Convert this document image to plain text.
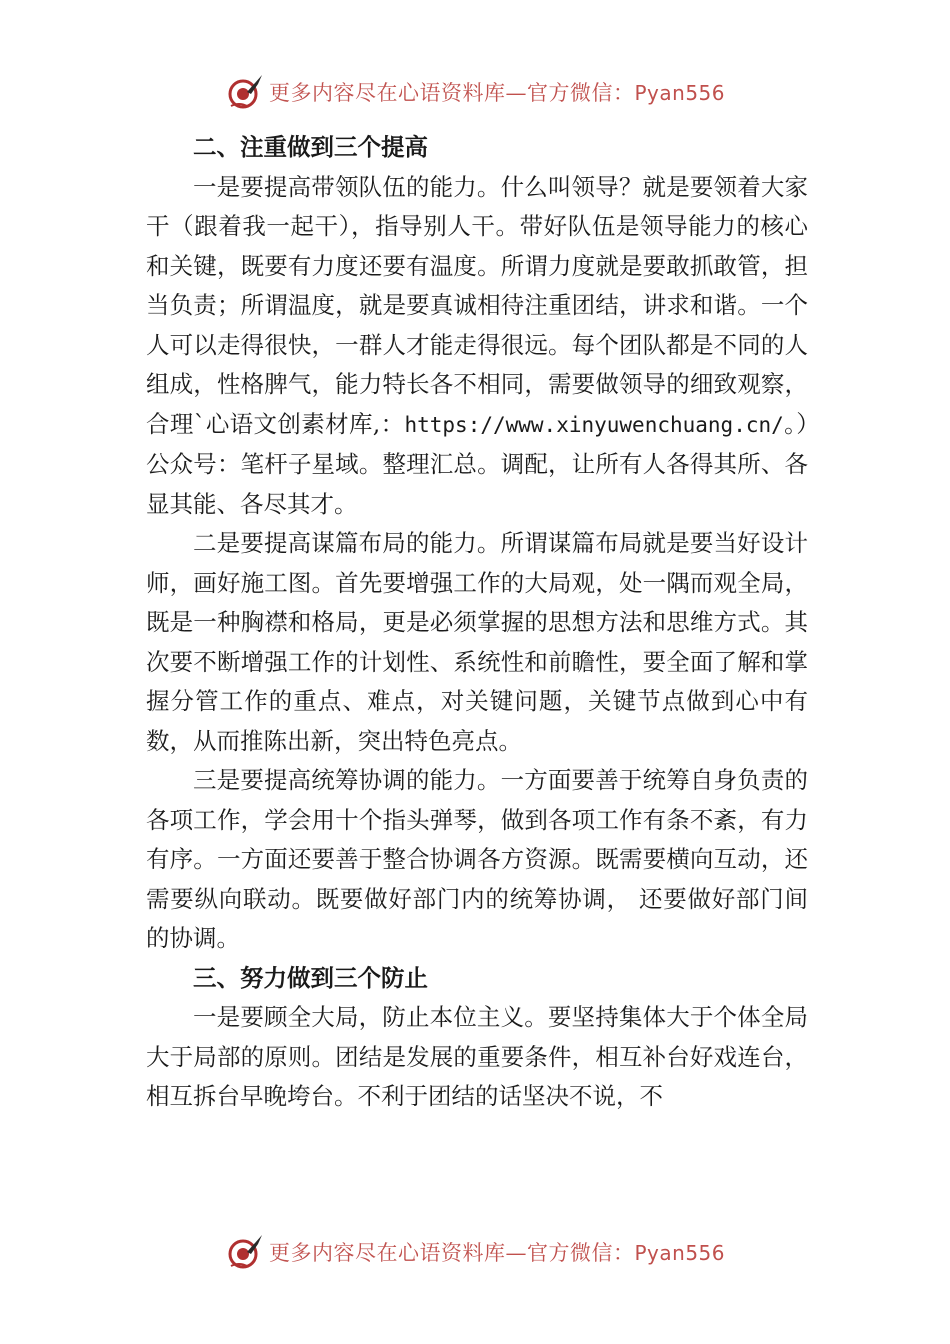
更多内容尽在心语资料库—官方微信：Pyan556
二、注重做到三个提高

一是要提高带领队伍的能力。什么叫领导？就是要领着大家干（跟着我一起干），指导别人干。带好队伍是领导能力的核心和关键，既要有力度还要有温度。所谓力度就是要敢抓敢管，担当负责；所谓温度，就是要真诚相待注重团结，讲求和谐。一个人可以走得很快，一群人才能走得很远。每个团队都是不同的人组成，性格脾气，能力特长各不相同，需要做领导的细致观察，合理`心语文创素材库,：https://www.xinyuwenchuang.cn/。）公众号：笔杆子星域。整理汇总。调配，让所有人各得其所、各显其能、各尽其才。

二是要提高谋篇布局的能力。所谓谋篇布局就是要当好设计师，画好施工图。首先要增强工作的大局观，处一隅而观全局，既是一种胸襟和格局，更是必须掌握的思想方法和思维方式。其次要不断增强工作的计划性、系统性和前瞻性，要全面了解和掌握分管工作的重点、难点，对关键问题，关键节点做到心中有数，从而推陈出新，突出特色亮点。

三是要提高统筹协调的能力。一方面要善于统筹自身负责的各项工作，学会用十个指头弹琴，做到各项工作有条不紊，有力有序。一方面还要善于整合协调各方资源。既需要横向互动，还需要纵向联动。既要做好部门内的统筹协调， 还要做好部门间的协调。

三、努力做到三个防止

一是要顾全大局，防止本位主义。要坚持集体大于个体全局大于局部的原则。团结是发展的重要条件，相互补台好戏连台，相互拆台早晚垮台。不利于团结的话坚决不说，不

更多内容尽在心语资料库—官方微信：Pyan556
